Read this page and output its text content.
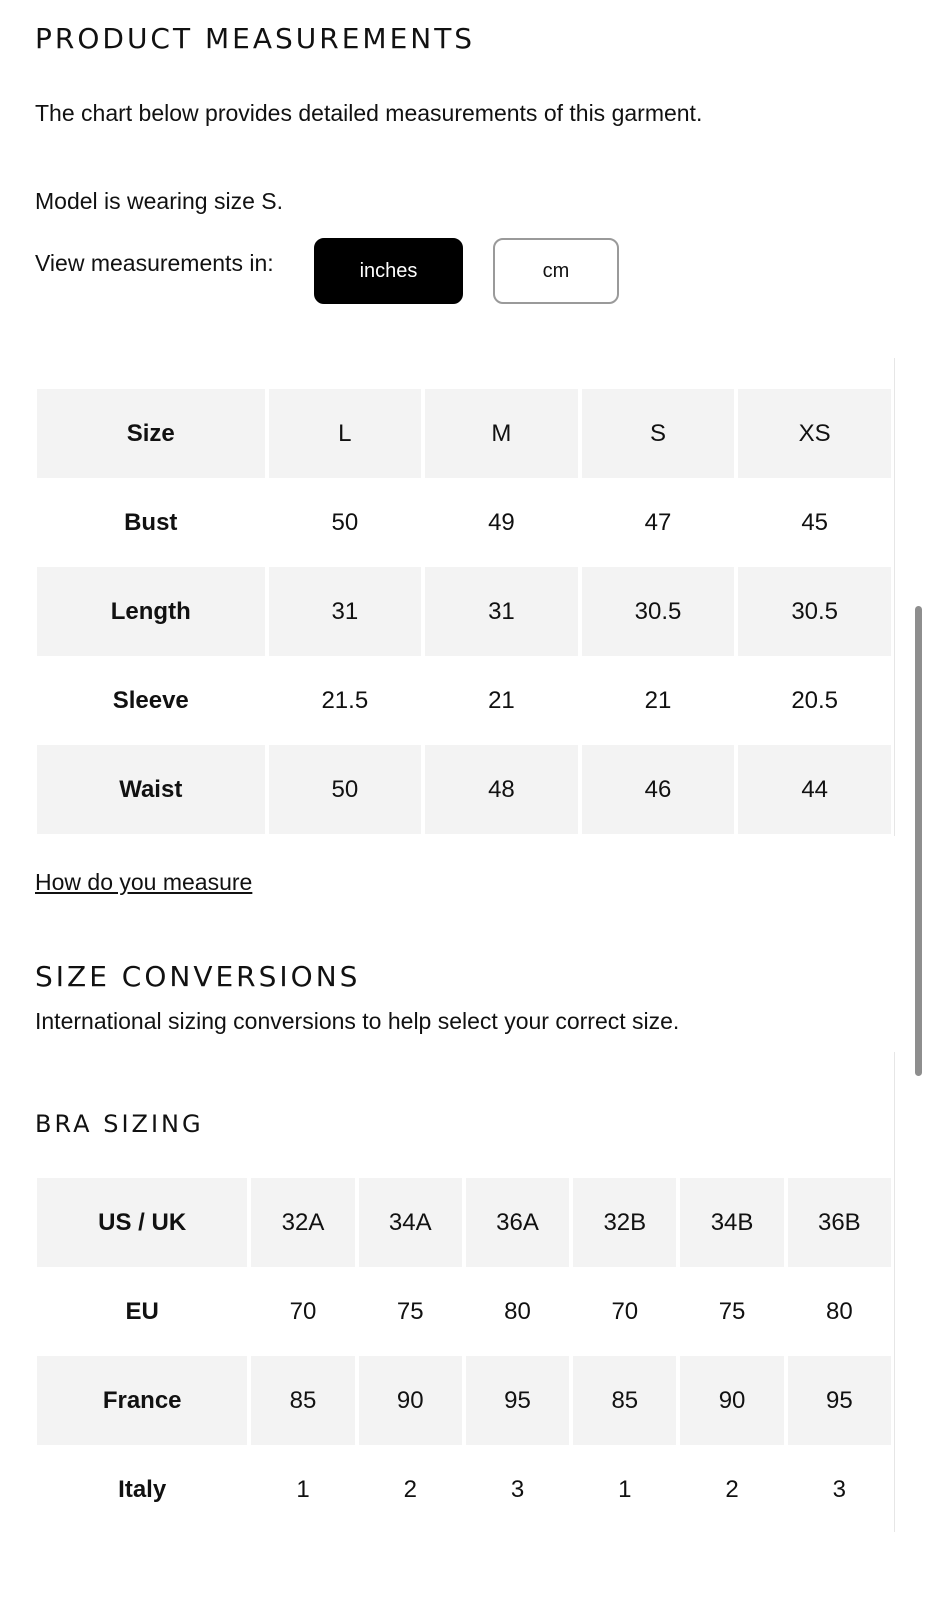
PRODUCT MEASUREMENTS

The chart below provides detailed measurements of this garment.

Model is wearing size S.

View measurements in:	inches	cm
Size	L	M	S	XS
Bust	50	49	47	45
Length	31	31	30.5	30.5
Sleeve	21.5	21	21	20.5
Waist	50	48	46	44
How do you measure
SIZE CONVERSIONS

International sizing conversions to help select your correct size.

BRA SIZING
US / UK	32A	34A	36A	32B	34B	36B
EU	70	75	80	70	75	80
France	85	90	95	85	90	95
Italy	1	2	3	1	2	3
